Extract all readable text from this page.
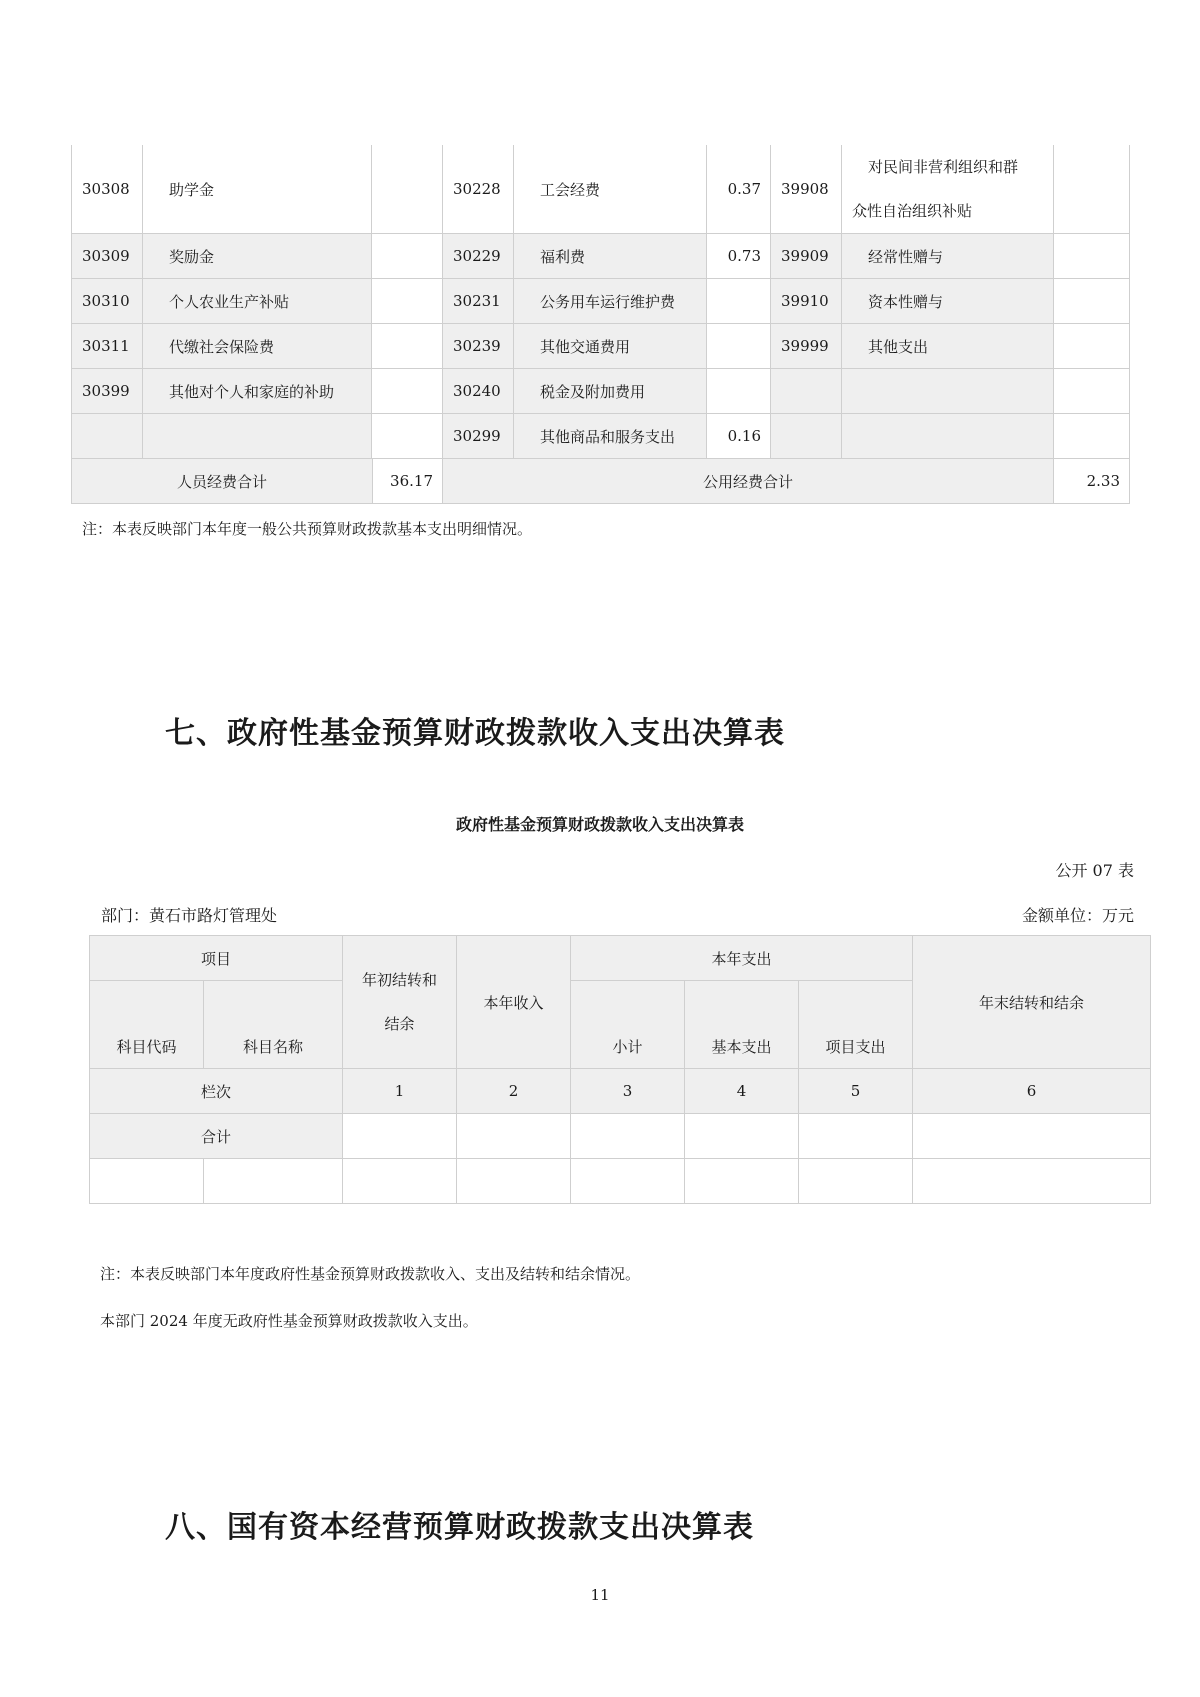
30308	助学金		30228	工会经费	0.37	39908	对民间非营利组织和群
众性自治组织补贴	

30309	奖励金		30229	福利费	0.73	39909	经常性赠与	
30310	个人农业生产补贴		30231	公务用车运行维护费		39910	资本性赠与	
30311	代缴社会保险费		30239	其他交通费用		39999	其他支出	
30399	其他对个人和家庭的补助		30240	税金及附加费用				
			30299	其他商品和服务支出	0.16			

人员经费合计 36.17			公用经费合计					2.33
注：本表反映部门本年度一般公共预算财政拨款基本支出明细情况。
七、政府性基金预算财政拨款收入支出决算表
政府性基金预算财政拨款收入支出决算表
公开 07 表
部门：黄石市路灯管理处	金额单位：万元
项目		年初结转和
结余	本年收入	本年支出			年末结转和结余
科目代码	科目名称			小计	基本支出	项目支出	
栏次		1	2	3	4	5	6
合计							

注：本表反映部门本年度政府性基金预算财政拨款收入、支出及结转和结余情况。
本部门 2024 年度无政府性基金预算财政拨款收入支出。
八、国有资本经营预算财政拨款支出决算表
11
